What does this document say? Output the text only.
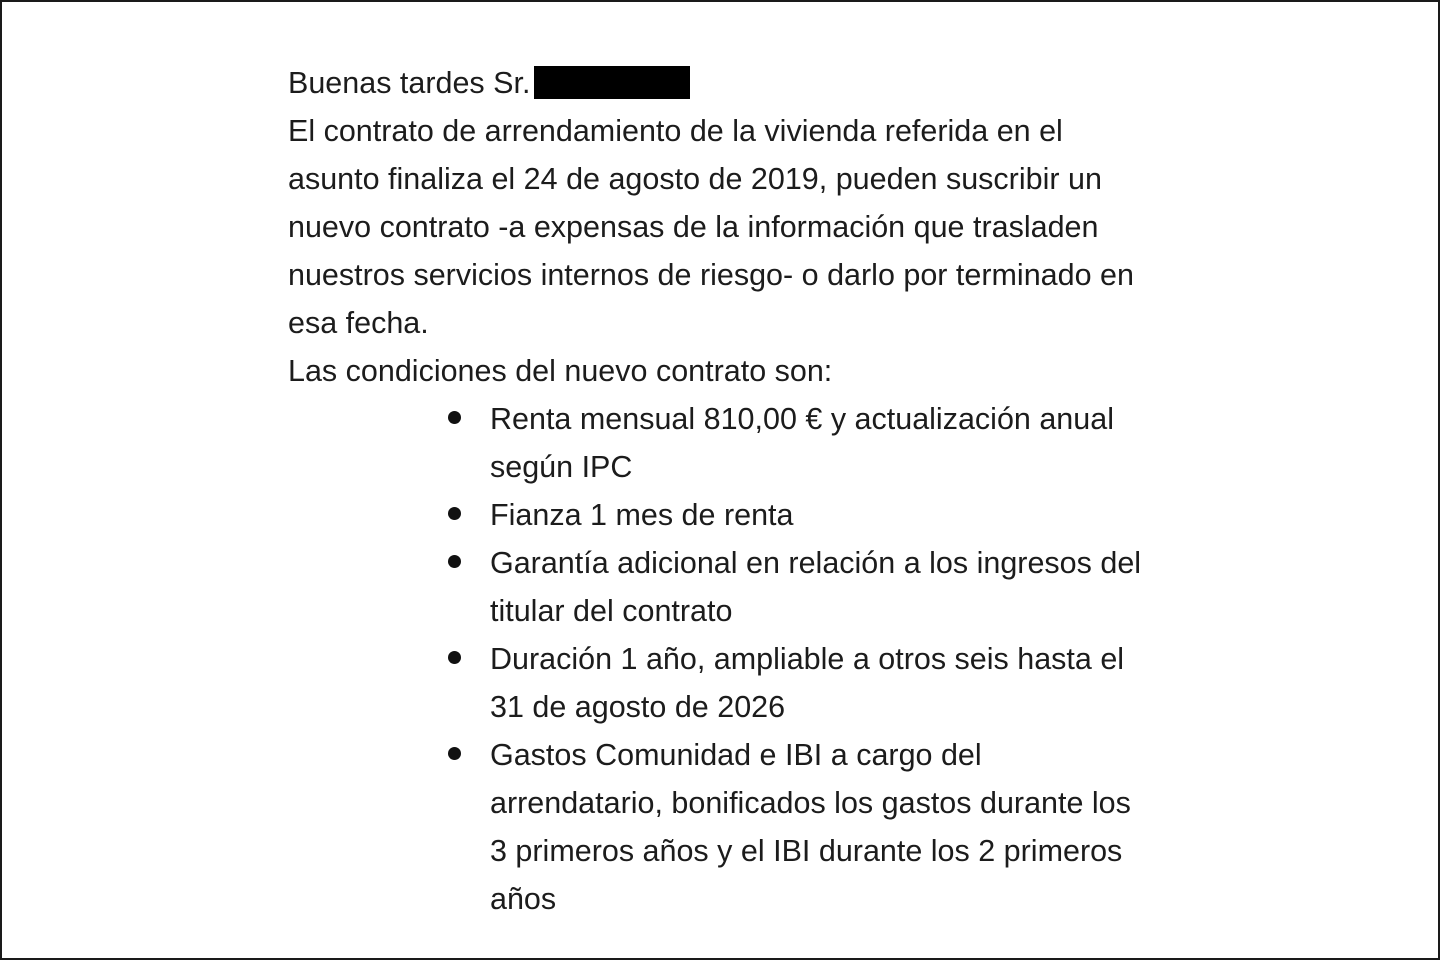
Buenas tardes Sr.

El contrato de arrendamiento de la vivienda referida en el asunto finaliza el 24 de agosto de 2019, pueden suscribir un nuevo contrato -a expensas de la información que trasladen nuestros servicios internos de riesgo- o darlo por terminado en esa fecha.

Las condiciones del nuevo contrato son:

Renta mensual 810,00 € y actualización anual según IPC
Fianza 1 mes de renta
Garantía adicional en relación a los ingresos del titular del contrato
Duración 1 año, ampliable a otros seis hasta el 31 de agosto de 2026
Gastos Comunidad e IBI a cargo del arrendatario, bonificados los gastos durante los 3 primeros años y el IBI durante los 2 primeros años
